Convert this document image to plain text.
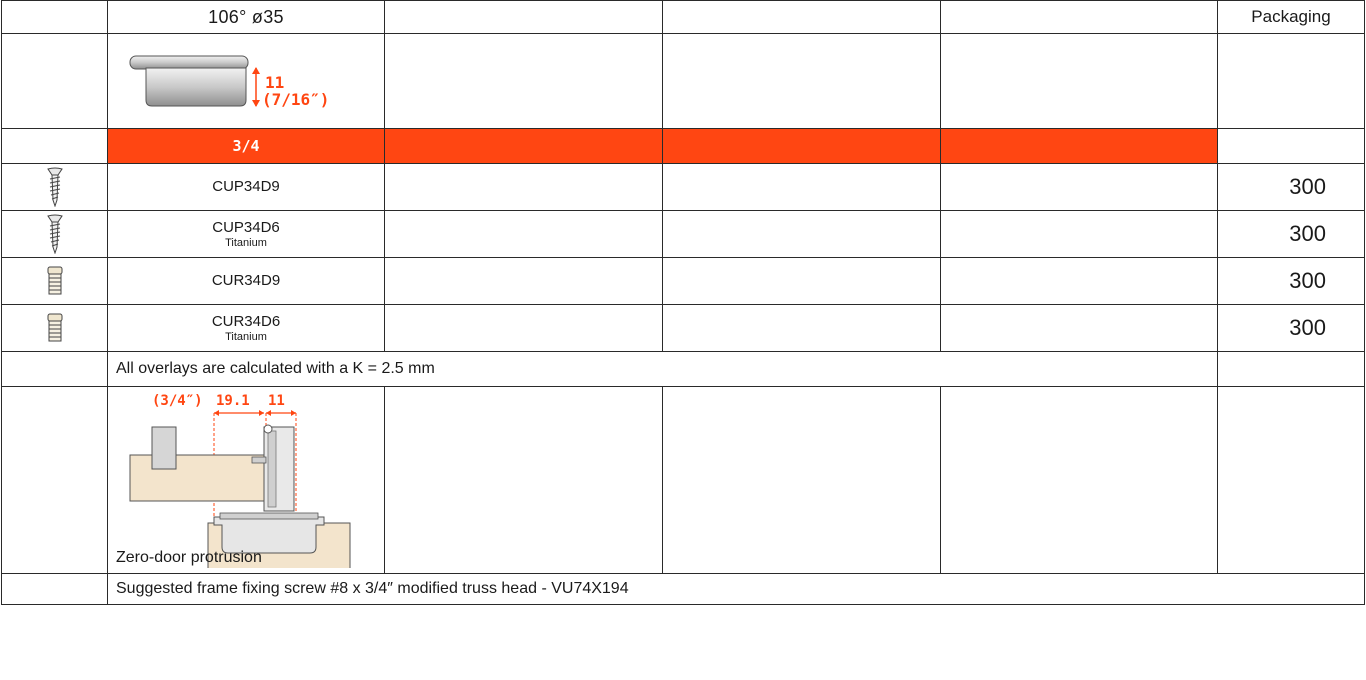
	106° ø35				Packaging

11
(7/16″)				

	3/4				

	CUP34D9				300

	CUP34D6
Titanium				300

	CUR34D9				300

	CUR34D6
Titanium				300
	All overlays are calculated with a K = 2.5 mm				

(3/4″) 19.1 11
Zero-door protrusion				

	Suggested frame fixing screw #8 x 3/4″ modified truss head - VU74X194				
